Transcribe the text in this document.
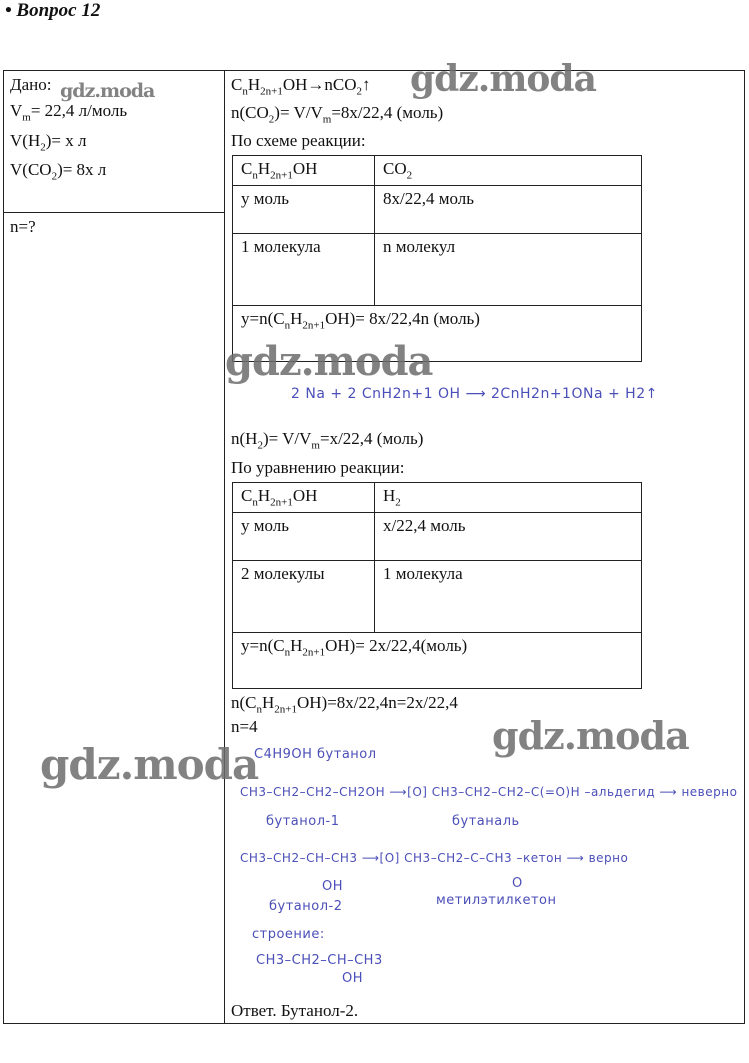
• Вопрос 12
Дано:
$V_m= 22,4$ л/моль
$V(H_2)= x$ л
$V(CO_2)= 8x$ л
n=?
$C_nH_{2n+1}OH\to nCO_2↑$
$n(CO_2)= V/V_m=8x/22,4$ (моль)
По схеме реакции:
$C_nH_{2n+1}OH$	$CO_2$
y моль	8x/22,4 моль
1 молекула	n молекул
$y=n(C_nH_{2n+1}OH)= 8x/22,4n$ (моль)	
2 Na + 2 CnH2n+1 OH ⟶ 2CnH2n+1ONa + H2↑
$n(H_2)= V/V_m=x/22,4$ (моль)
По уравнению реакции:
$C_nH_{2n+1}OH$	$H_2$
y моль	x/22,4 моль
2 молекулы	1 молекула
$y=n(C_nH_{2n+1}OH)=$ 2x/22,4(моль)	
$n(C_nH_{2n+1}OH)=8x/22,4n=2x/22,4$
n=4
C4H9OH бутанол
CH3–CH2–CH2–CH2OH ⟶[O] CH3–CH2–CH2–C(=O)H –альдегид ⟶ неверно
бутанол-1	бутаналь
CH3–CH2–CH–CH3 ⟶[O] CH3–CH2–C–CH3 –кетон ⟶ верно
OH	O
бутанол-2	метилэтилкетон
строение:
CH3–CH2–CH–CH3
OH
Ответ. Бутанол-2.
gdz.moda	gdz.moda
gdz.moda
gdz.moda
gdz.moda
